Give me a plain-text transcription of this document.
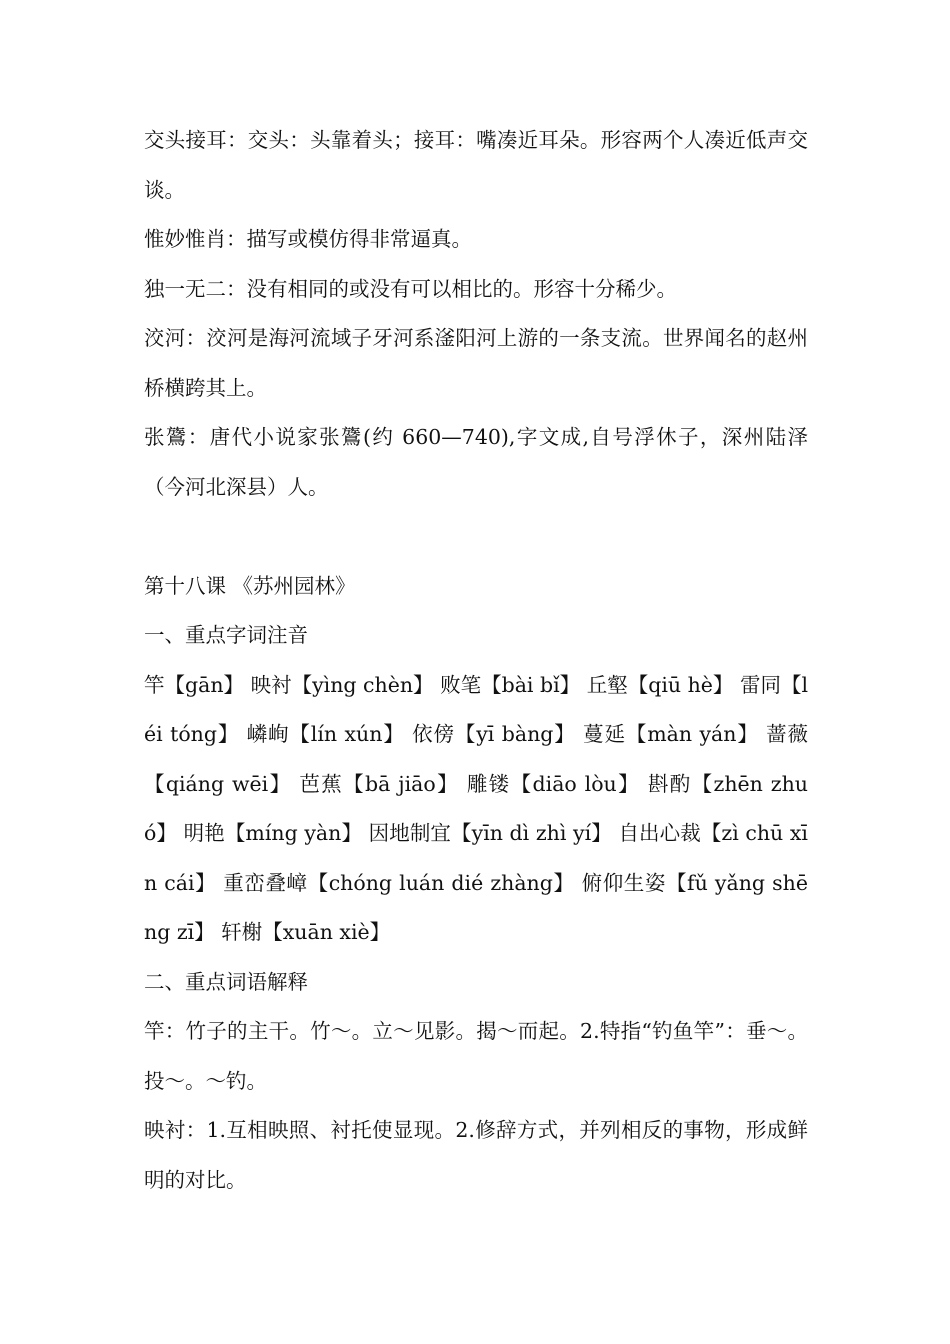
交头接耳：交头：头靠着头；接耳：嘴凑近耳朵。形容两个人凑近低声交谈。

惟妙惟肖：描写或模仿得非常逼真。

独一无二：没有相同的或没有可以相比的。形容十分稀少。

洨河：洨河是海河流域子牙河系滏阳河上游的一条支流。世界闻名的赵州桥横跨其上。

张鷟：唐代小说家张鷟(约 660—740),字文成,自号浮休子，深州陆泽 （今河北深县）人。

第十八课 《苏州园林》

一、重点字词注音

竿【gān】 映衬【yìng chèn】 败笔【bài bǐ】 丘壑【qiū hè】 雷同【léi tóng】 嶙峋【lín xún】 依傍【yī bàng】 蔓延【màn yán】 蔷薇【qiáng wēi】 芭蕉【bā jiāo】 雕镂【diāo lòu】 斟酌【zhēn zhuó】 明艳【míng yàn】 因地制宜【yīn dì zhì yí】 自出心裁【zì chū xīn cái】 重峦叠嶂【chóng luán dié zhàng】 俯仰生姿【fǔ yǎng shēng zī】 轩榭【xuān xiè】

二、重点词语解释

竿：竹子的主干。竹～。立～见影。揭～而起。2.特指“钓鱼竿”：垂～。投～。～钓。

映衬：1.互相映照、衬托使显现。2.修辞方式，并列相反的事物，形成鲜明的对比。
